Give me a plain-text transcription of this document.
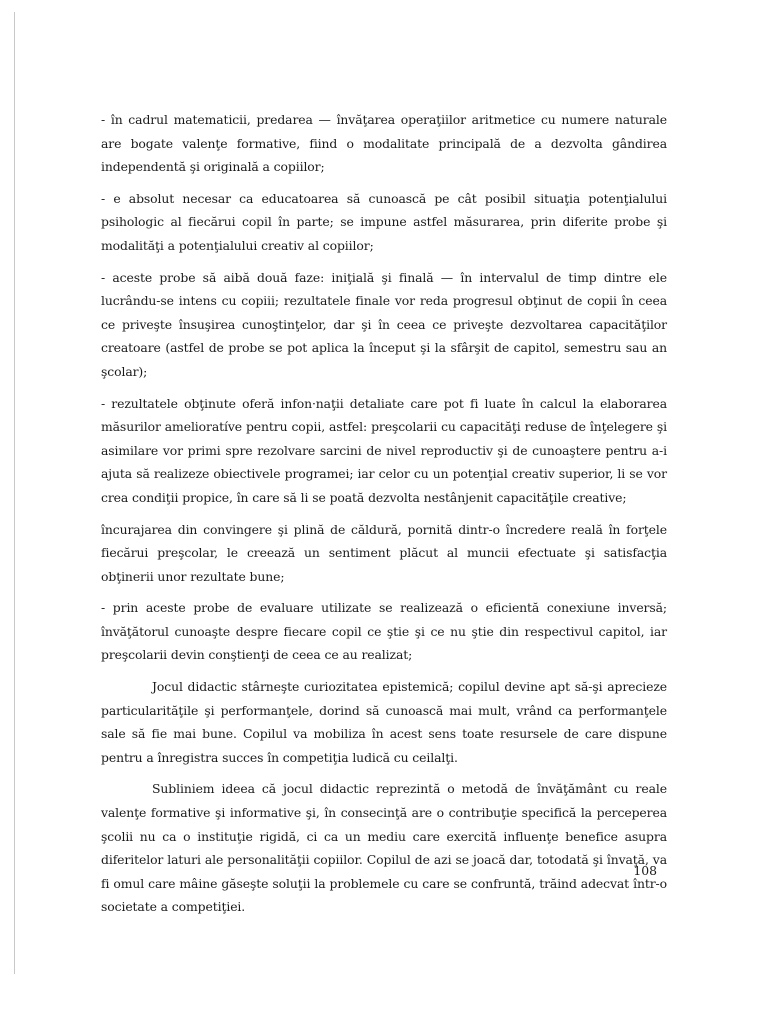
- în cadrul matematicii, predarea — învăţarea operaţiilor aritmetice cu numere naturale are bogate valenţe formative, fiind o modalitate principală de a dezvolta gândirea independentă şi originală a copiilor;

- e absolut necesar ca educatoarea să cunoască pe cât posibil situaţia potenţialului psihologic al fiecărui copil în parte; se impune astfel măsurarea, prin diferite probe şi modalităţi a potenţialului creativ al copiilor;

- aceste probe să aibă două faze: iniţială şi finală — în intervalul de timp dintre ele lucrându-se intens cu copiii; rezultatele finale vor reda progresul obţinut de copii în ceea ce priveşte însuşirea cunoştinţelor, dar şi în ceea ce priveşte dezvoltarea capacităţilor creatoare (astfel de probe se pot aplica la început şi la sfârşit de capitol, semestru sau an şcolar);

- rezultatele obţinute oferă infon·naţii detaliate care pot fi luate în calcul la elaborarea măsurilor amelioratíve pentru copii, astfel: preşcolarii cu capacităţi reduse de înţelegere şi asimilare vor primi spre rezolvare sarcini de nivel reproductiv şi de cunoaştere pentru a-i ajuta să realizeze obiectivele programei; iar celor cu un potenţial creativ superior, li se vor crea condiţii propice, în care să li se poată dezvolta nestânjenit capacităţile creative;

încurajarea din convingere şi plină de căldură, pornită dintr-o încredere reală în forţele fiecărui preşcolar, le creează un sentiment plăcut al muncii efectuate şi satisfacţia obţinerii unor rezultate bune;

- prin aceste probe de evaluare utilizate se realizează o eficientă conexiune inversă; învăţătorul cunoaşte despre fiecare copil ce ştie şi ce nu ştie din respectivul capitol, iar preşcolarii devin conştienţi de ceea ce au realizat;

Jocul didactic stârneşte curiozitatea epistemică; copilul devine apt să-şi aprecieze particularităţile şi performanţele, dorind să cunoască mai mult, vrând ca performanţele sale să fie mai bune. Copilul va mobiliza în acest sens toate resursele de care dispune pentru a înregistra succes în competiţia ludică cu ceilalţi.

Subliniem ideea că jocul didactic reprezintă o metodă de învăţământ cu reale valenţe formative şi informative şi, în consecinţă are o contribuţie specifică la perceperea şcolii nu ca o instituţie rigidă, ci ca un mediu care exercită influenţe benefice asupra diferitelor laturi ale personalităţii copiilor. Copilul de azi se joacă dar, totodată şi învaţă, va fi omul care mâine găseşte soluţii la problemele cu care se confruntă, trăind adecvat într-o societate a competiţiei.

108
